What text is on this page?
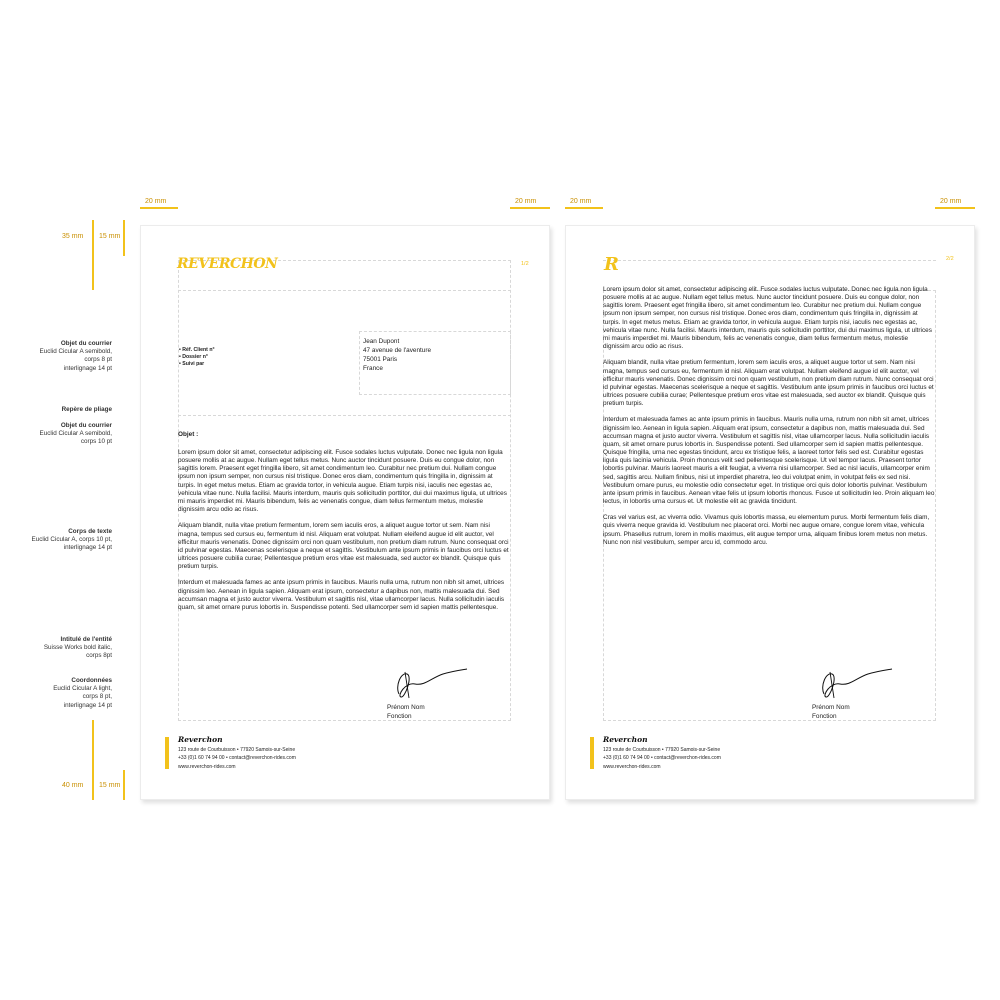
20 mm	20 mm	20 mm	20 mm
35 mm 15 mm
40 mm 15 mm
Objet du courrier
Euclid Cicular A semibold,
corps 8 pt
interlignage 14 pt
Repère de pliage
Objet du courrier
Euclid Cicular A semibold,
corps 10 pt
Corps de texte
Euclid Cicular A, corps 10 pt,
interlignage 14 pt
Intitulé de l'entité
Suisse Works bold italic,
corps 8pt
Coordonnées
Euclid Cicular A light,
corps 8 pt,
interlignage 14 pt
REVERCHON	1/2
• Réf. Client n°
• Dossier n°
• Suivi par
Jean Dupont
47 avenue de l'aventure
75001 Paris
France
Objet :

Lorem ipsum dolor sit amet, consectetur adipiscing elit. Fusce sodales luctus vulputate. Donec nec ligula non ligula posuere mollis at ac augue. Nullam eget tellus metus. Nunc auctor tincidunt posuere. Duis eu congue dolor, non sagittis lorem. Praesent eget fringilla libero, sit amet condimentum leo. Curabitur nec pretium dui. Nullam congue ipsum non ipsum semper, non cursus nisl tristique. Donec eros diam, condimentum quis fringilla in, dignissim at turpis. In eget metus metus. Etiam ac gravida tortor, in vehicula augue. Etiam turpis nisi, iaculis nec egestas ac, vehicula vitae nunc. Nulla facilisi. Mauris interdum, mauris quis sollicitudin porttitor, dui dui maximus ligula, ut ultrices mi mauris imperdiet mi. Mauris bibendum, felis ac venenatis congue, diam tellus fermentum metus, molestie dignissim arcu odio ac risus.

Aliquam blandit, nulla vitae pretium fermentum, lorem sem iaculis eros, a aliquet augue tortor ut sem. Nam nisi magna, tempus sed cursus eu, fermentum id nisl. Aliquam erat volutpat. Nullam eleifend augue id elit auctor, vel efficitur mauris venenatis. Donec dignissim orci non quam vestibulum, non pretium diam rutrum. Nunc consequat orci id pulvinar egestas. Maecenas scelerisque a neque et sagittis. Vestibulum ante ipsum primis in faucibus orci luctus et ultrices posuere cubilia curae; Pellentesque pretium eros vitae est malesuada, sed auctor ex blandit. Quisque quis pretium turpis.

Interdum et malesuada fames ac ante ipsum primis in faucibus. Mauris nulla urna, rutrum non nibh sit amet, ultrices dignissim leo. Aenean in ligula sapien. Aliquam erat ipsum, consectetur a dapibus non, mattis malesuada dui. Sed accumsan magna et justo auctor viverra. Vestibulum et sagittis nisl, vitae ullamcorper lacus. Nulla sollicitudin iaculis quam, sit amet ornare purus lobortis in. Suspendisse potenti. Sed ullamcorper sem id sapien mattis pellentesque.

Prénom Nom
Fonction
Reverchon
123 route de Courbuisson • 77920 Samois-sur-Seine
+33 (0)1 60 74 94 00 • contact@reverchon-rides.com
www.reverchon-rides.com
R	2/2

Lorem ipsum dolor sit amet, consectetur adipiscing elit. Fusce sodales luctus vulputate. Donec nec ligula non ligula posuere mollis at ac augue. Nullam eget tellus metus. Nunc auctor tincidunt posuere. Duis eu congue dolor, non sagittis lorem. Praesent eget fringilla libero, sit amet condimentum leo. Curabitur nec pretium dui. Nullam congue ipsum non ipsum semper, non cursus nisl tristique. Donec eros diam, condimentum quis fringilla in, dignissim at turpis. In eget metus metus. Etiam ac gravida tortor, in vehicula augue. Etiam turpis nisi, iaculis nec egestas ac, vehicula vitae nunc. Nulla facilisi. Mauris interdum, mauris quis sollicitudin porttitor, dui dui maximus ligula, ut ultrices mi mauris imperdiet mi. Mauris bibendum, felis ac venenatis congue, diam tellus fermentum metus, molestie dignissim arcu odio ac risus.

Aliquam blandit, nulla vitae pretium fermentum, lorem sem iaculis eros, a aliquet augue tortor ut sem. Nam nisi magna, tempus sed cursus eu, fermentum id nisl. Aliquam erat volutpat. Nullam eleifend augue id elit auctor, vel efficitur mauris venenatis. Donec dignissim orci non quam vestibulum, non pretium diam rutrum. Nunc consequat orci id pulvinar egestas. Maecenas scelerisque a neque et sagittis. Vestibulum ante ipsum primis in faucibus orci luctus et ultrices posuere cubilia curae; Pellentesque pretium eros vitae est malesuada, sed auctor ex blandit. Quisque quis pretium turpis.

Interdum et malesuada fames ac ante ipsum primis in faucibus. Mauris nulla urna, rutrum non nibh sit amet, ultrices dignissim leo. Aenean in ligula sapien. Aliquam erat ipsum, consectetur a dapibus non, mattis malesuada dui. Sed accumsan magna et justo auctor viverra. Vestibulum et sagittis nisl, vitae ullamcorper lacus. Nulla sollicitudin iaculis quam, sit amet ornare purus lobortis in. Suspendisse potenti. Sed ullamcorper sem id sapien mattis pellentesque. Quisque fringilla, urna nec egestas tincidunt, arcu ex tristique felis, a laoreet tortor felis sed est. Curabitur egestas ligula quis lacinia vehicula. Proin rhoncus velit sed pellentesque scelerisque. Ut vel tempor lacus. Praesent tortor lobortis pulvinar. Mauris laoreet mauris a elit feugiat, a viverra nisi ullamcorper. Sed ac nisl iaculis, ullamcorper enim sed, sagittis arcu. Nullam finibus, nisi ut imperdiet pharetra, leo dui volutpat enim, in volutpat felis ex sed nisi. Vestibulum ornare purus, eu molestie odio consectetur eget. In tristique orci quis dolor lobortis pulvinar. Vestibulum ante ipsum primis in faucibus. Aenean vitae felis ut ipsum lobortis rhoncus. Fusce ut sollicitudin leo. Proin aliquam leo lectus, in lobortis urna cursus et. Ut molestie elit ac gravida tincidunt.

Cras vel varius est, ac viverra odio. Vivamus quis lobortis massa, eu elementum purus. Morbi fermentum felis diam, quis viverra neque gravida id. Vestibulum nec placerat orci. Morbi nec augue ornare, congue lorem vitae, vehicula ipsum. Phasellus rutrum, lorem in mollis maximus, elit augue tempor urna, aliquam finibus lorem metus non metus. Nunc non nisl vestibulum, semper arcu id, commodo arcu.

Prénom Nom
Fonction
Reverchon
123 route de Courbuisson • 77920 Samois-sur-Seine
+33 (0)1 60 74 94 00 • contact@reverchon-rides.com
www.reverchon-rides.com
